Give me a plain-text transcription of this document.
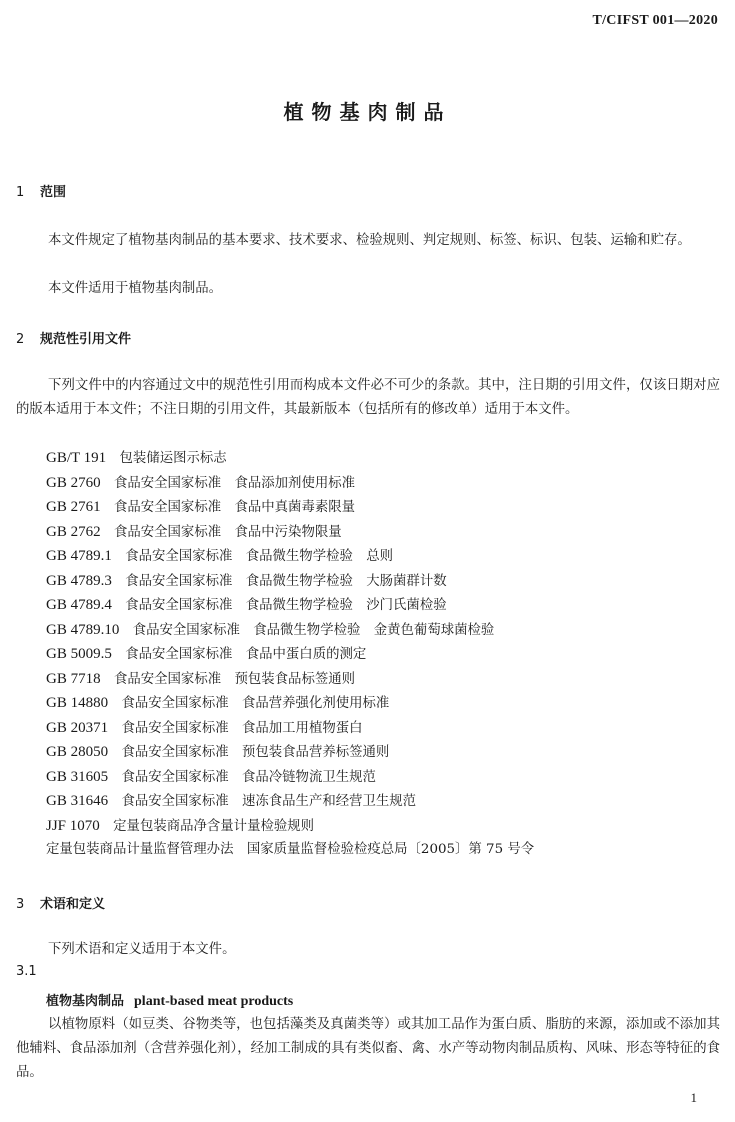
T/CIFST 001—2020
植物基肉制品
1 范围
本文件规定了植物基肉制品的基本要求、技术要求、检验规则、判定规则、标签、标识、包装、运输和贮存。
本文件适用于植物基肉制品。
2 规范性引用文件
下列文件中的内容通过文中的规范性引用而构成本文件必不可少的条款。其中，注日期的引用文件，仅该日期对应的版本适用于本文件；不注日期的引用文件，其最新版本（包括所有的修改单）适用于本文件。
GB/T 191  包装储运图示标志
GB 2760  食品安全国家标准　食品添加剂使用标准
GB 2761  食品安全国家标准　食品中真菌毒素限量
GB 2762  食品安全国家标准　食品中污染物限量
GB 4789.1  食品安全国家标准　食品微生物学检验　总则
GB 4789.3  食品安全国家标准　食品微生物学检验　大肠菌群计数
GB 4789.4  食品安全国家标准　食品微生物学检验　沙门氏菌检验
GB 4789.10  食品安全国家标准　食品微生物学检验　金黄色葡萄球菌检验
GB 5009.5  食品安全国家标准　食品中蛋白质的测定
GB 7718  食品安全国家标准　预包装食品标签通则
GB 14880  食品安全国家标准　食品营养强化剂使用标准
GB 20371  食品安全国家标准　食品加工用植物蛋白
GB 28050  食品安全国家标准　预包装食品营养标签通则
GB 31605  食品安全国家标准　食品冷链物流卫生规范
GB 31646  食品安全国家标准　速冻食品生产和经营卫生规范
JJF 1070  定量包装商品净含量计量检验规则
定量包装商品计量监督管理办法　国家质量监督检验检疫总局〔2005〕第 75 号令
3 术语和定义
下列术语和定义适用于本文件。
3.1
植物基肉制品 plant-based meat products
以植物原料（如豆类、谷物类等，也包括藻类及真菌类等）或其加工品作为蛋白质、脂肪的来源，添加或不添加其他辅料、食品添加剂（含营养强化剂），经加工制成的具有类似畜、禽、水产等动物肉制品质构、风味、形态等特征的食品。
1
